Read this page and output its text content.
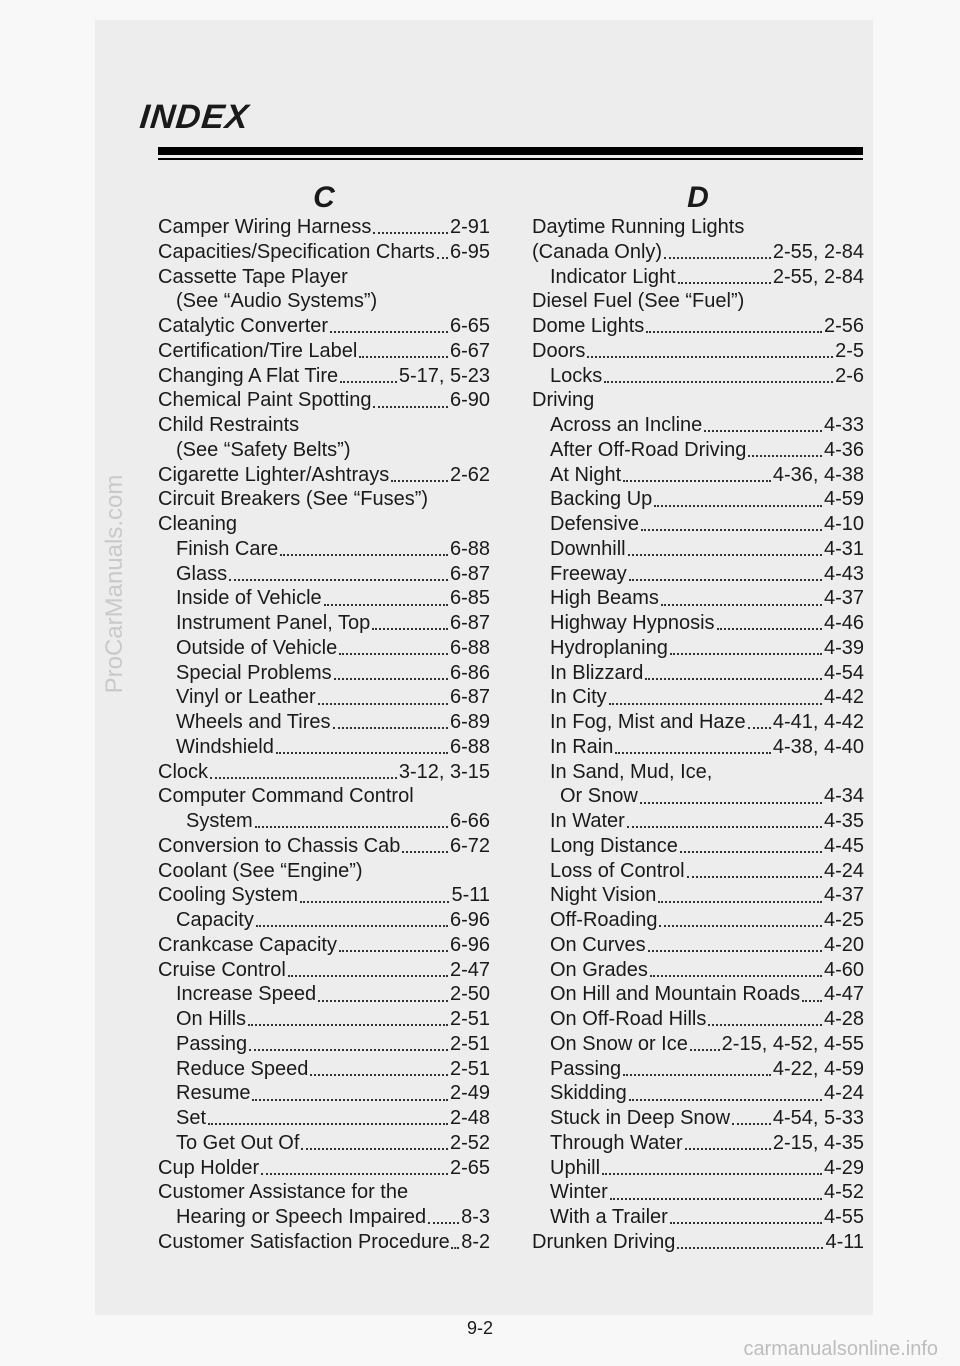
INDEX
C
Camper Wiring Harness	2-91
Capacities/Specification Charts 6-95
Cassette Tape Player
(See “Audio Systems”)
Catalytic Converter	6-65
Certification/Tire Label	6-67
Changing A Flat Tire	5-17, 5-23
Chemical Paint Spotting	6-90
Child Restraints
(See “Safety Belts”)
Cigarette Lighter/Ashtrays	2-62
Circuit Breakers (See “Fuses”)
Cleaning
Finish Care	6-88
Glass	6-87
Inside of Vehicle	6-85
Instrument Panel, Top	6-87
Outside of Vehicle	6-88
Special Problems	6-86
Vinyl or Leather	6-87
Wheels and Tires	6-89
Windshield	6-88
Clock	3-12, 3-15
Computer Command Control
System	6-66
Conversion to Chassis Cab 6-72
Coolant (See “Engine”)
Cooling System	5-11
Capacity	6-96
Crankcase Capacity	6-96
Cruise Control	2-47
Increase Speed	2-50
On Hills	2-51
Passing	2-51
Reduce Speed	2-51
Resume	2-49
Set	2-48
To Get Out Of	2-52
Cup Holder	2-65
Customer Assistance for the
Hearing or Speech Impaired 8-3
Customer Satisfaction Procedure 8-2
D
Daytime Running Lights
(Canada Only)	2-55, 2-84
Indicator Light	2-55, 2-84
Diesel Fuel (See “Fuel”)
Dome Lights	2-56
Doors	2-5
Locks	2-6
Driving
Across an Incline	4-33
After Off-Road Driving	4-36
At Night	4-36, 4-38
Backing Up	4-59
Defensive	4-10
Downhill	4-31
Freeway	4-43
High Beams	4-37
Highway Hypnosis	4-46
Hydroplaning	4-39
In Blizzard	4-54
In City	4-42
In Fog, Mist and Haze 4-41, 4-42
In Rain	4-38, 4-40
In Sand, Mud, Ice,
Or Snow	4-34
In Water	4-35
Long Distance	4-45
Loss of Control	4-24
Night Vision	4-37
Off-Roading	4-25
On Curves	4-20
On Grades	4-60
On Hill and Mountain Roads 4-47
On Off-Road Hills	4-28
On Snow or Ice 2-15, 4-52, 4-55
Passing	4-22, 4-59
Skidding	4-24
Stuck in Deep Snow 4-54, 5-33
Through Water	2-15, 4-35
Uphill	4-29
Winter	4-52
With a Trailer	4-55
Drunken Driving	4-11
9-2
ProCarManuals.com
carmanualsonline.info
